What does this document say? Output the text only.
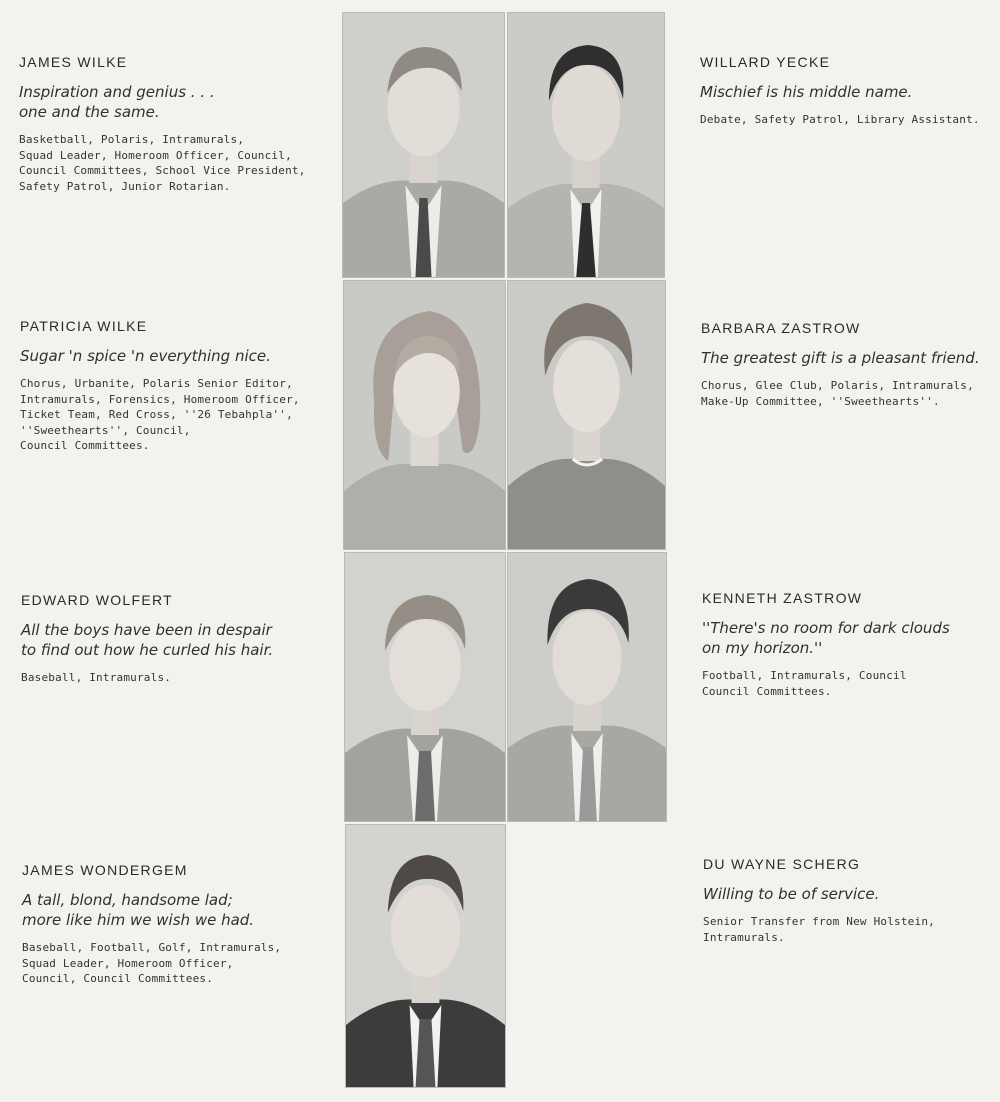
JAMES WILKE
Inspiration and genius . . .
one and the same.
Basketball, Polaris, Intramurals,
Squad Leader, Homeroom Officer, Council,
Council Committees, School Vice President,
Safety Patrol, Junior Rotarian.
PATRICIA WILKE
Sugar 'n spice 'n everything nice.
Chorus, Urbanite, Polaris Senior Editor,
Intramurals, Forensics, Homeroom Officer,
Ticket Team, Red Cross, ''26 Tebahpla'',
''Sweethearts'', Council,
Council Committees.
EDWARD WOLFERT
All the boys have been in despair
to find out how he curled his hair.
Baseball, Intramurals.
JAMES WONDERGEM
A tall, blond, handsome lad;
more like him we wish we had.
Baseball, Football, Golf, Intramurals,
Squad Leader, Homeroom Officer,
Council, Council Committees.
WILLARD YECKE
Mischief is his middle name.
Debate, Safety Patrol, Library Assistant.
BARBARA ZASTROW
The greatest gift is a pleasant friend.
Chorus, Glee Club, Polaris, Intramurals,
Make-Up Committee, ''Sweethearts''.
KENNETH ZASTROW
''There's no room for dark clouds
on my horizon.''
Football, Intramurals, Council
Council Committees.
DU WAYNE SCHERG
Willing to be of service.
Senior Transfer from New Holstein,
Intramurals.
